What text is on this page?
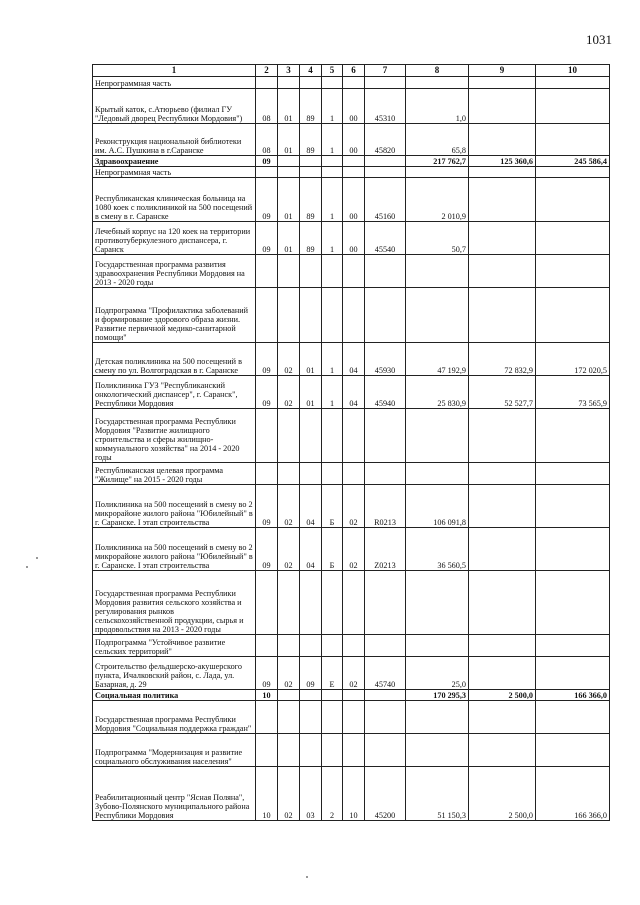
1031
1	2	3	4	5	6	7	8	9	10
Непрограммная часть									
Крытый каток, с.Атюрьево (филиал ГУ "Ледовый дворец Республики Мордовия")	08	01	89	1	00	45310	1,0		
Реконструкция национальной библиотеки им. А.С. Пушкина в г.Саранске	08	01	89	1	00	45820	65,8		
Здравоохранение	09						217 762,7	125 360,6	245 586,4
Непрограммная часть									
Республиканская клиническая больница на 1080 коек с поликлиникой на 500 посещений в смену в г. Саранске	09	01	89	1	00	45160	2 010,9		
Лечебный корпус на 120 коек на территории противотуберкулезного диспансера, г. Саранск	09	01	89	1	00	45540	50,7		
Государственная программа развития здравоохранения Республики Мордовия на 2013 - 2020 годы									
Подпрограмма "Профилактика заболеваний и формирование здорового образа жизни. Развитие первичной медико-санитарной помощи"									
Детская поликлиника на 500 посещений в смену по ул. Волгоградская в г. Саранске	09	02	01	1	04	45930	47 192,9	72 832,9	172 020,5
Поликлиника ГУЗ "Республиканский онкологический диспансер", г. Саранск", Республики Мордовия	09	02	01	1	04	45940	25 830,9	52 527,7	73 565,9
Государственная программа Республики Мордовия "Развитие жилищного строительства и сферы жилищно-коммунального хозяйства" на 2014 - 2020 годы									
Республиканская целевая программа "Жилище" на 2015 - 2020 годы									
Поликлиника на 500 посещений в смену во 2 микрорайоне жилого района "Юбилейный" в г. Саранске. I этап строительства	09	02	04	Б	02	R0213	106 091,8		
Поликлиника на 500 посещений в смену во 2 микрорайоне жилого района "Юбилейный" в г. Саранске. I этап строительства	09	02	04	Б	02	Z0213	36 560,5		
Государственная программа Республики Мордовия развития сельского хозяйства и регулирования рынков сельскохозяйственной продукции, сырья и продовольствия на 2013 - 2020 годы									
Подпрограмма "Устойчивое развитие сельских территорий"									
Строительство фельдшерско-акушерского пункта, Ичалковский район, с. Лада, ул. Базарная, д. 29	09	02	09	Е	02	45740	25,0		
Социальная политика	10						170 295,3	2 500,0	166 366,0
Государственная программа Республики Мордовия "Социальная поддержка граждан"									
Подпрограмма "Модернизация и развитие социального обслуживания населения"									
Реабилитационный центр "Ясная Поляна", Зубово-Полянского муниципального района Республики Мордовия	10	02	03	2	10	45200	51 150,3	2 500,0	166 366,0
